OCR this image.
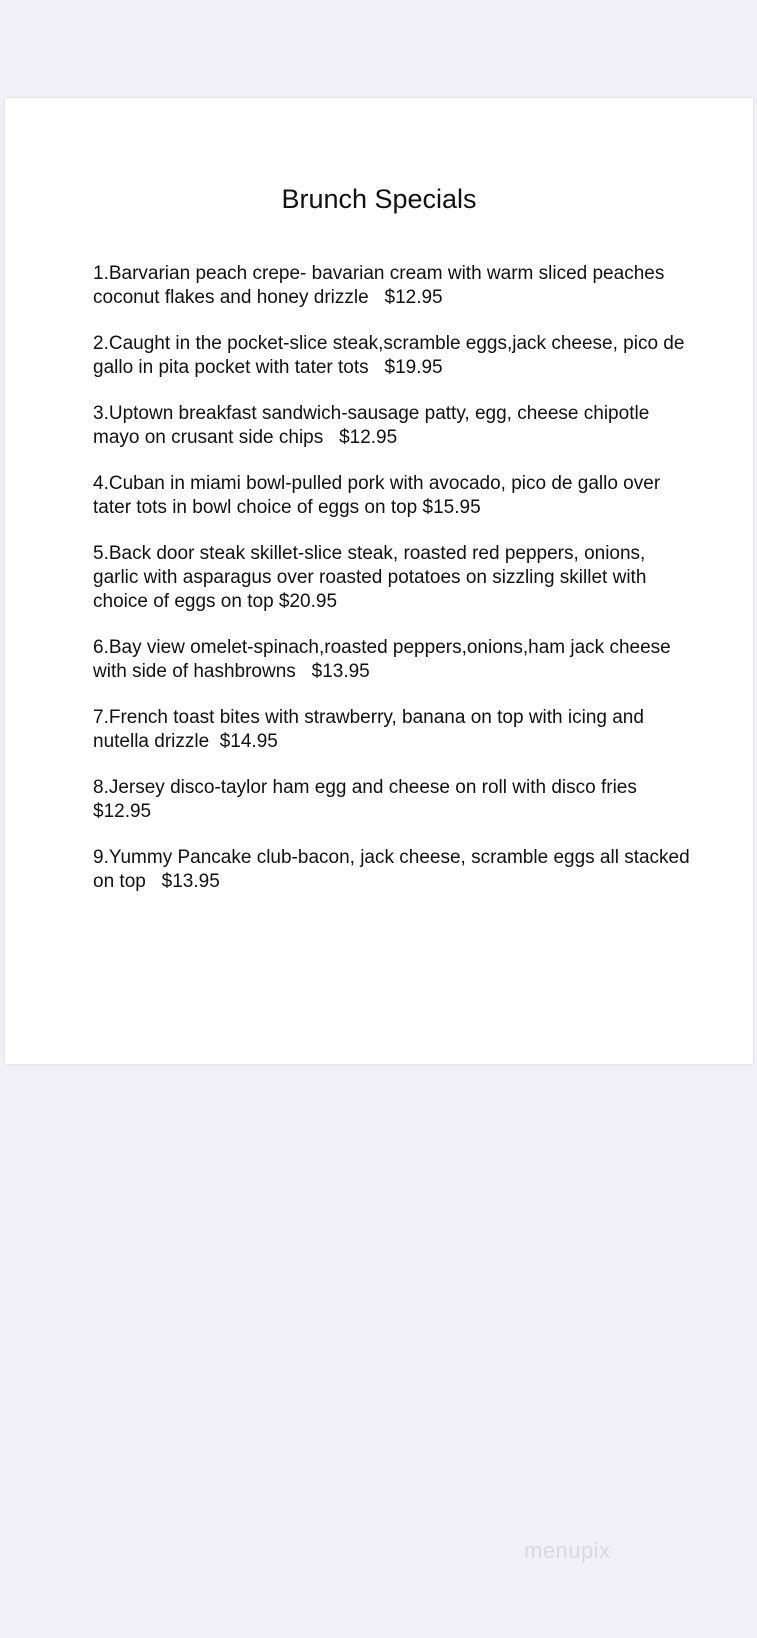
Brunch Specials
1.Barvarian peach crepe- bavarian cream with warm sliced peaches coconut flakes and honey drizzle $12.95
2.Caught in the pocket-slice steak,scramble eggs,jack cheese, pico de gallo in pita pocket with tater tots $19.95
3.Uptown breakfast sandwich-sausage patty, egg, cheese chipotle mayo on crusant side chips $12.95
4.Cuban in miami bowl-pulled pork with avocado, pico de gallo over tater tots in bowl choice of eggs on top $15.95
5.Back door steak skillet-slice steak, roasted red peppers, onions, garlic with asparagus over roasted potatoes on sizzling skillet with choice of eggs on top $20.95
6.Bay view omelet-spinach,roasted peppers,onions,ham jack cheese with side of hashbrowns $13.95
7.French toast bites with strawberry, banana on top with icing and nutella drizzle $14.95
8.Jersey disco-taylor ham egg and cheese on roll with disco fries $12.95
9.Yummy Pancake club-bacon, jack cheese, scramble eggs all stacked on top $13.95
menupix
